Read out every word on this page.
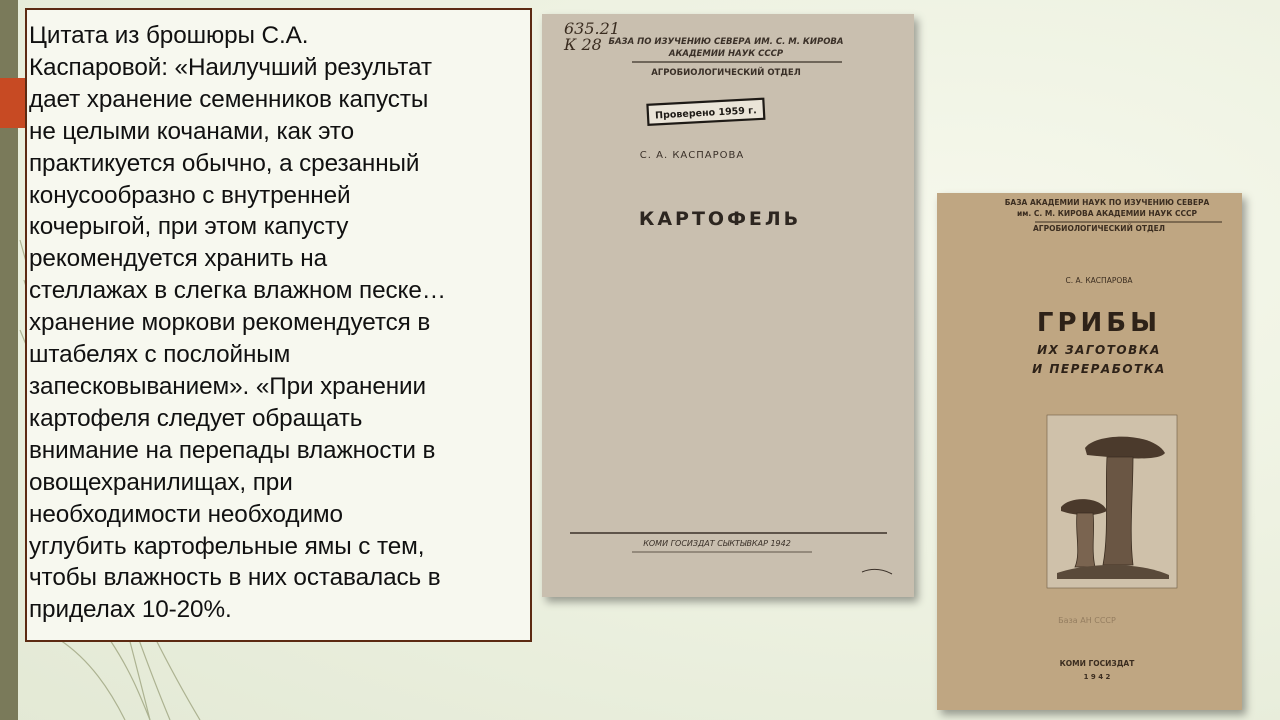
Цитата из брошюры С.А.
Каспаровой: «Наилучший результат
дает хранение семенников капусты
не целыми кочанами, как это
практикуется обычно, а срезанный
конусообразно с внутренней
кочерыгой, при этом капусту
рекомендуется хранить на
стеллажах в слегка влажном песке…
хранение моркови рекомендуется в
штабелях с послойным
запесковыванием». «При хранении
картофеля следует обращать
внимание на перепады влажности в
овощехранилищах, при
необходимости необходимо
углубить картофельные ямы с тем,
чтобы влажность в них оставалась в
приделах 10-20%.

635.21
К 28 БАЗА ПО ИЗУЧЕНИЮ СЕВЕРА ИМ. С. М. КИРОВА
АКАДЕМИИ НАУК СССР
АГРОБИОЛОГИЧЕСКИЙ ОТДЕЛ
Проверено 1959 г.
С. А. КАСПАРОВА
КАРТОФЕЛЬ
КОМИ ГОСИЗДАТ СЫКТЫВКАР 1942
БАЗА АКАДЕМИИ НАУК ПО ИЗУЧЕНИЮ СЕВЕРА
им. С. М. КИРОВА АКАДЕМИИ НАУК СССР
АГРОБИОЛОГИЧЕСКИЙ ОТДЕЛ
С. А. КАСПАРОВА
ГРИБЫ
ИХ ЗАГОТОВКА
И ПЕРЕРАБОТКА
База АН СССР
КОМИ ГОСИЗДАТ
1 9 4 2
